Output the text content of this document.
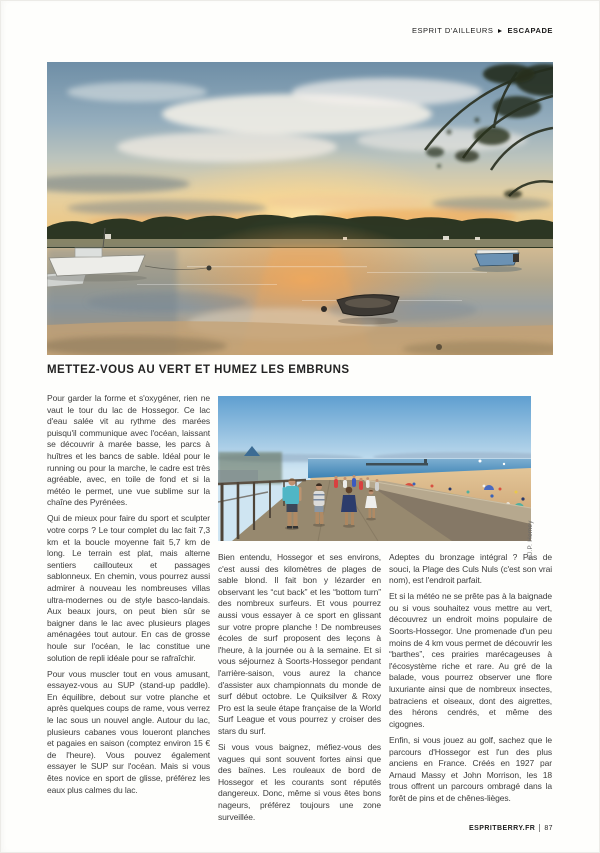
ESPRIT D'AILLEURS ESCAPADE
METTEZ-VOUS AU VERT ET HUMEZ LES EMBRUNS

Pour garder la forme et s'oxygéner, rien ne vaut le tour du lac de Hossegor. Ce lac d'eau salée vit au rythme des marées puisqu'il communique avec l'océan, laissant se découvrir à marée basse, les parcs à huîtres et les bancs de sable. Idéal pour le running ou pour la marche, le cadre est très agréable, avec, en toile de fond et si la météo le permet, une vue sublime sur la chaîne des Pyrénées.

Qui de mieux pour faire du sport et sculpter votre corps ? Le tour complet du lac fait 7,3 km et la boucle moyenne fait 5,7 km de long. Le terrain est plat, mais alterne sentiers caillouteux et passages sablonneux. En chemin, vous pourrez aussi admirer à nouveau les nombreuses villas ultra-modernes ou de style basco-landais. Aux beaux jours, on peut bien sûr se baigner dans le lac avec plusieurs plages aménagées tout autour. En cas de grosse houle sur l'océan, le lac constitue une solution de repli idéale pour se rafraîchir.

Pour vous muscler tout en vous amusant, essayez-vous au SUP (stand-up paddle). En équilibre, debout sur votre planche et après quelques coups de rame, vous verrez le lac sous un nouvel angle. Autour du lac, plusieurs cabanes vous loueront planches et pagaies en saison (comptez environ 15 € de l'heure). Vous pouvez également essayer le SUP sur l'océan. Mais si vous êtes novice en sport de glisse, préférez les eaux plus calmes du lac.

©J.P. Hemey

Bien entendu, Hossegor et ses environs, c'est aussi des kilomètres de plages de sable blond. Il fait bon y lézarder en observant les “cut back” et les “bottom turn” des nombreux surfeurs. Et vous pourrez aussi vous essayer à ce sport en glissant sur votre propre planche ! De nombreuses écoles de surf proposent des leçons à l'heure, à la journée ou à la semaine. Et si vous séjournez à Soorts-Hossegor pendant l'arrière-saison, vous aurez la chance d'assister aux championnats du monde de surf début octobre. Le Quiksilver & Roxy Pro est la seule étape française de la World Surf League et vous pourrez y croiser des stars du surf.

Si vous vous baignez, méfiez-vous des vagues qui sont souvent fortes ainsi que des baïnes. Les rouleaux de bord de Hossegor et les courants sont réputés dangereux. Donc, même si vous êtes bons nageurs, préférez toujours une zone surveillée.

Adeptes du bronzage intégral ? Pas de souci, la Plage des Culs Nuls (c'est son vrai nom), est l'endroit parfait.

Et si la météo ne se prête pas à la baignade ou si vous souhaitez vous mettre au vert, découvrez un endroit moins populaire de Soorts-Hossegor. Une promenade d'un peu moins de 4 km vous permet de découvrir les “barthes”, ces prairies marécageuses à l'écosystème riche et rare. Au gré de la balade, vous pourrez observer une flore luxuriante ainsi que de nombreux insectes, batraciens et oiseaux, dont des aigrettes, des hérons cendrés, et même des cigognes.

Enfin, si vous jouez au golf, sachez que le parcours d'Hossegor est l'un des plus anciens en France. Créés en 1927 par Arnaud Massy et John Morrison, les 18 trous offrent un parcours ombragé dans la forêt de pins et de chênes-lièges.

ESPRITBERRY.FR 87
